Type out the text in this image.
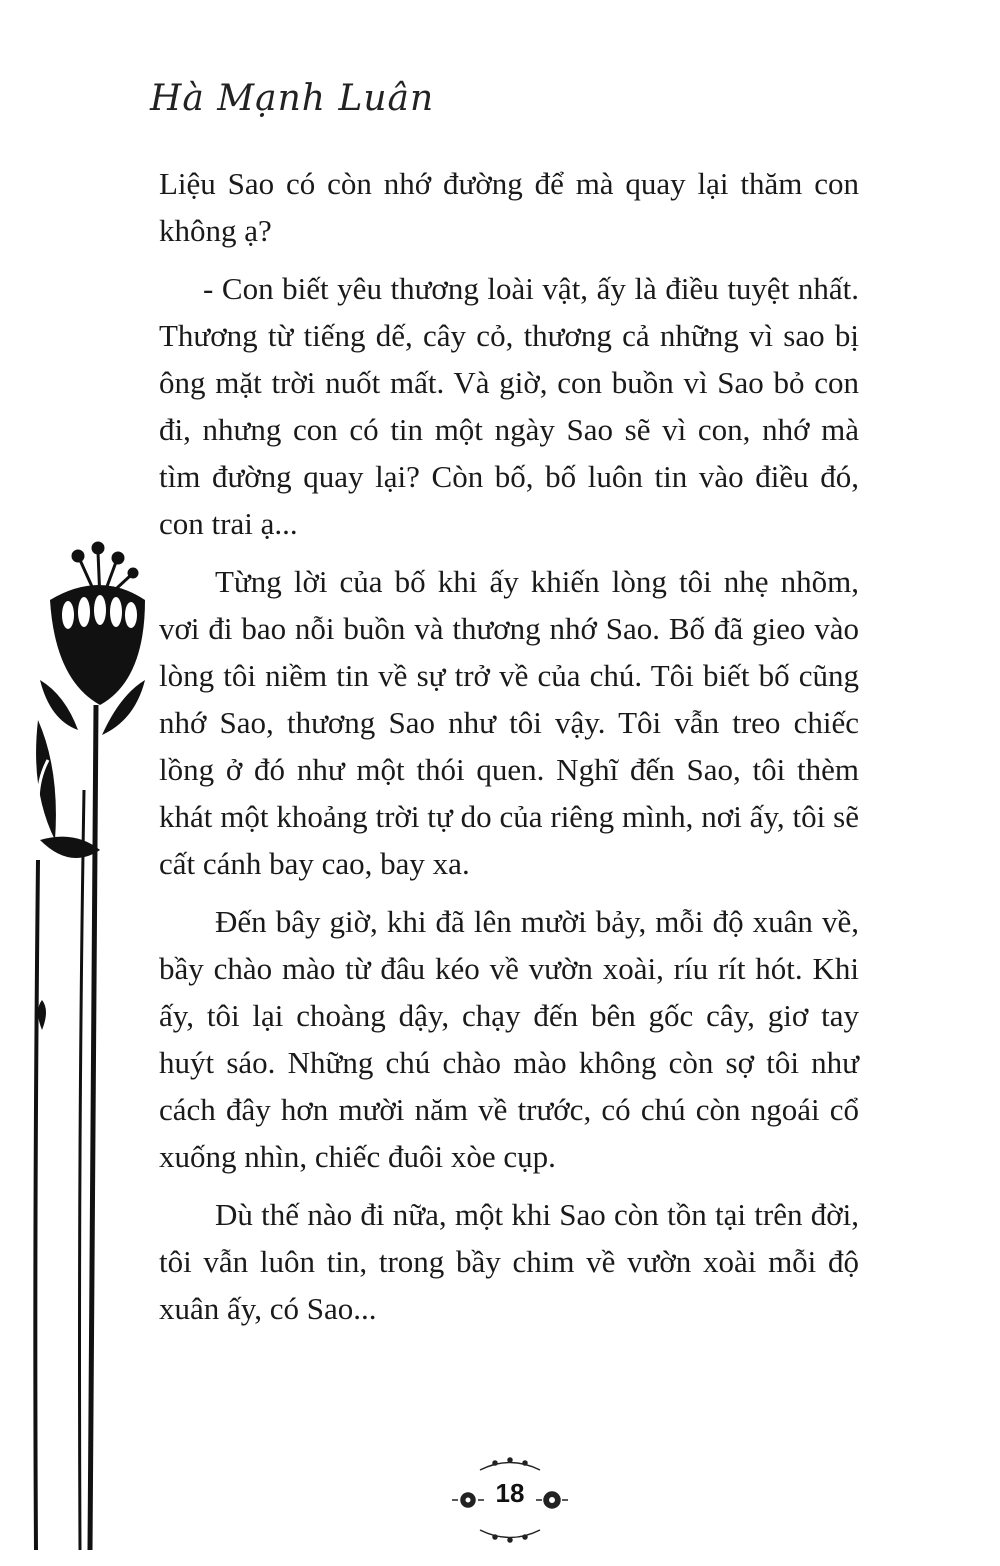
Hà Mạnh Luân

Liệu Sao có còn nhớ đường để mà quay lại thăm con không ạ?

- Con biết yêu thương loài vật, ấy là điều tuyệt nhất. Thương từ tiếng dế, cây cỏ, thương cả những vì sao bị ông mặt trời nuốt mất. Và giờ, con buồn vì Sao bỏ con đi, nhưng con có tin một ngày Sao sẽ vì con, nhớ mà tìm đường quay lại? Còn bố, bố luôn tin vào điều đó, con trai ạ...

Từng lời của bố khi ấy khiến lòng tôi nhẹ nhõm, vơi đi bao nỗi buồn và thương nhớ Sao. Bố đã gieo vào lòng tôi niềm tin về sự trở về của chú. Tôi biết bố cũng nhớ Sao, thương Sao như tôi vậy. Tôi vẫn treo chiếc lồng ở đó như một thói quen. Nghĩ đến Sao, tôi thèm khát một khoảng trời tự do của riêng mình, nơi ấy, tôi sẽ cất cánh bay cao, bay xa.

Đến bây giờ, khi đã lên mười bảy, mỗi độ xuân về, bầy chào mào từ đâu kéo về vườn xoài, ríu rít hót. Khi ấy, tôi lại choàng dậy, chạy đến bên gốc cây, giơ tay huýt sáo. Những chú chào mào không còn sợ tôi như cách đây hơn mười năm về trước, có chú còn ngoái cổ xuống nhìn, chiếc đuôi xòe cụp.

Dù thế nào đi nữa, một khi Sao còn tồn tại trên đời, tôi vẫn luôn tin, trong bầy chim về vườn xoài mỗi độ xuân ấy, có Sao...

18
